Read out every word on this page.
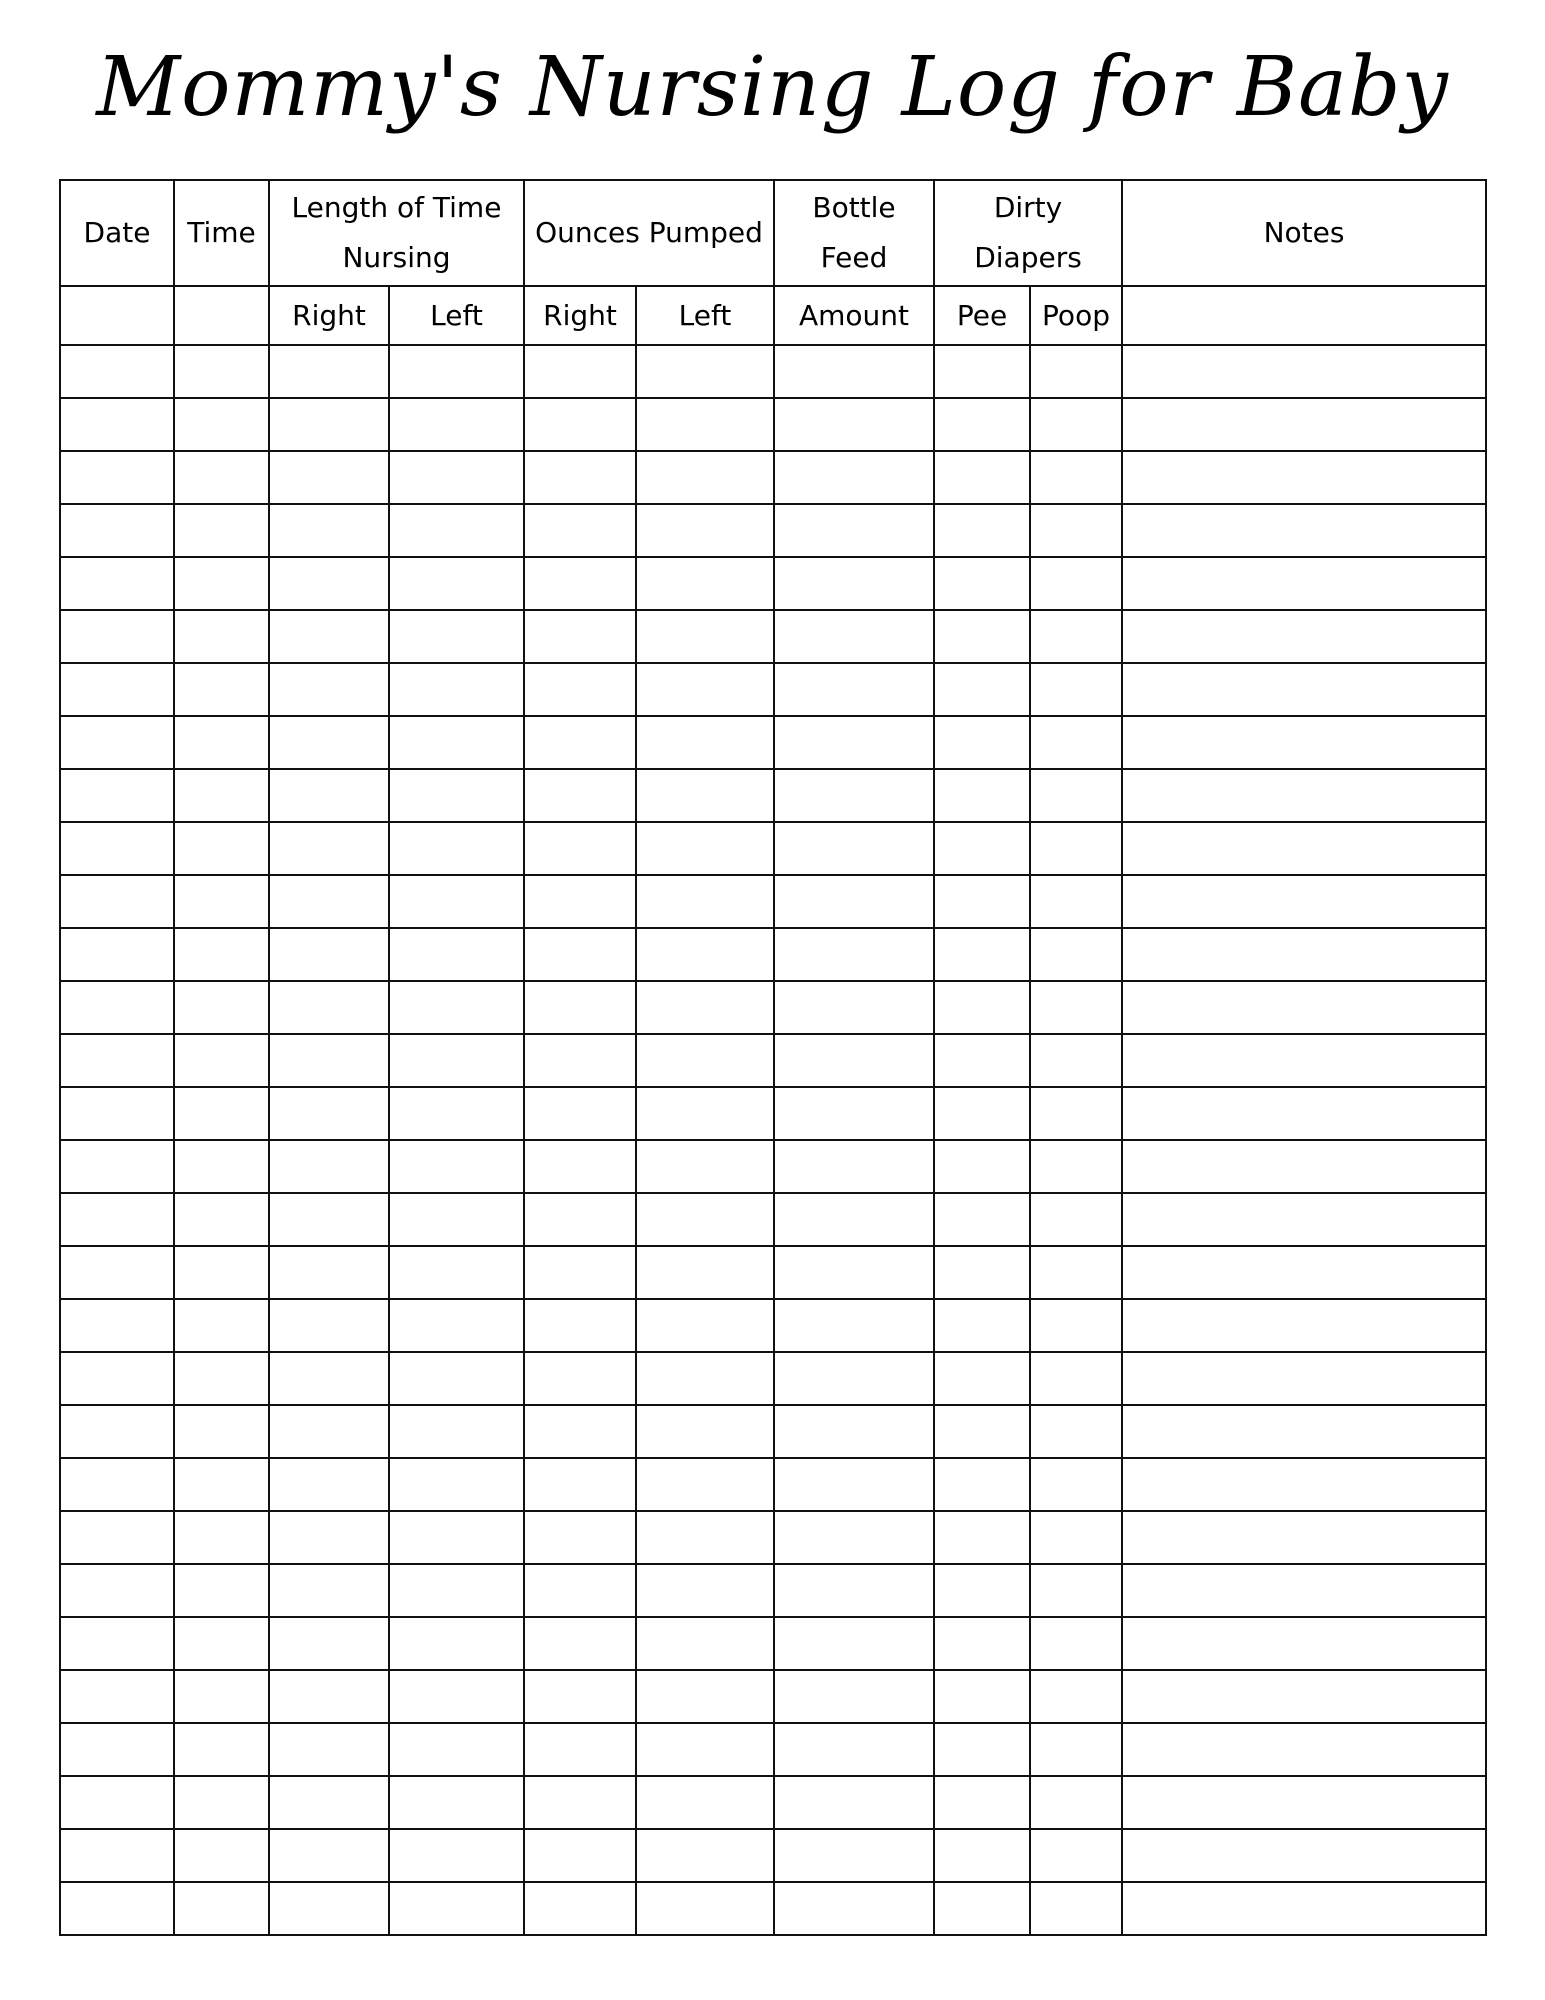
Mommy's Nursing Log for Baby
Date	Time	Length of Time Nursing		Ounces Pumped		Bottle Feed	Dirty Diapers		Notes
		Right	Left	Right	Left	Amount	Pee	Poop	
